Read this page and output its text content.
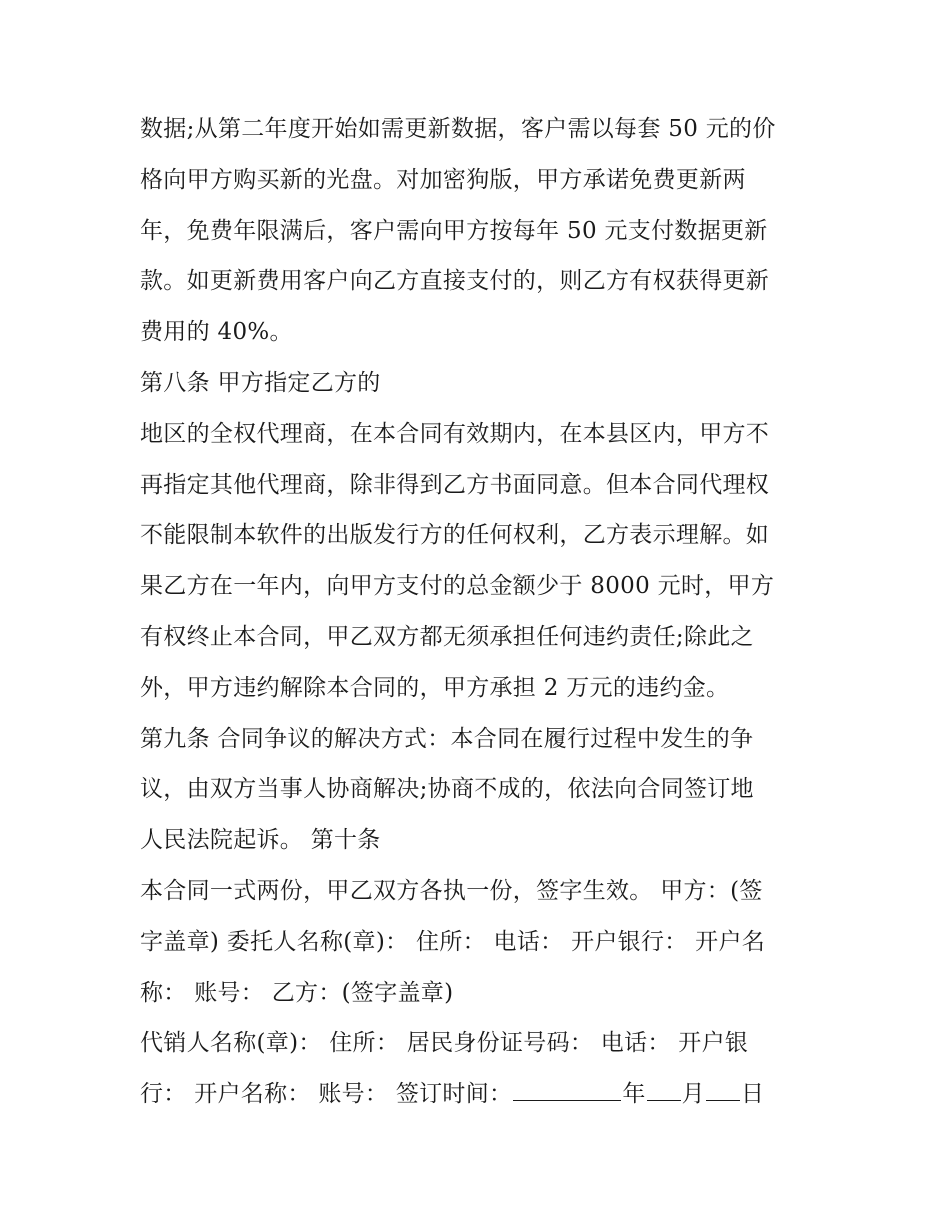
数据;从第二年度开始如需更新数据，客户需以每套 50 元的价
格向甲方购买新的光盘。对加密狗版，甲方承诺免费更新两
年，免费年限满后，客户需向甲方按每年 50 元支付数据更新
款。如更新费用客户向乙方直接支付的，则乙方有权获得更新
费用的 40%。
第八条 甲方指定乙方的
地区的全权代理商，在本合同有效期内，在本县区内，甲方不
再指定其他代理商，除非得到乙方书面同意。但本合同代理权
不能限制本软件的出版发行方的任何权利，乙方表示理解。如
果乙方在一年内，向甲方支付的总金额少于 8000 元时，甲方
有权终止本合同，甲乙双方都无须承担任何违约责任;除此之
外，甲方违约解除本合同的，甲方承担 2 万元的违约金。
第九条 合同争议的解决方式：本合同在履行过程中发生的争
议，由双方当事人协商解决;协商不成的，依法向合同签订地
人民法院起诉。 第十条
本合同一式两份，甲乙双方各执一份，签字生效。 甲方：(签
字盖章) 委托人名称(章)： 住所： 电话： 开户银行： 开户名
称： 账号： 乙方：(签字盖章)
代销人名称(章)： 住所： 居民身份证号码： 电话： 开户银
行： 开户名称： 账号： 签订时间：	年 月 日
